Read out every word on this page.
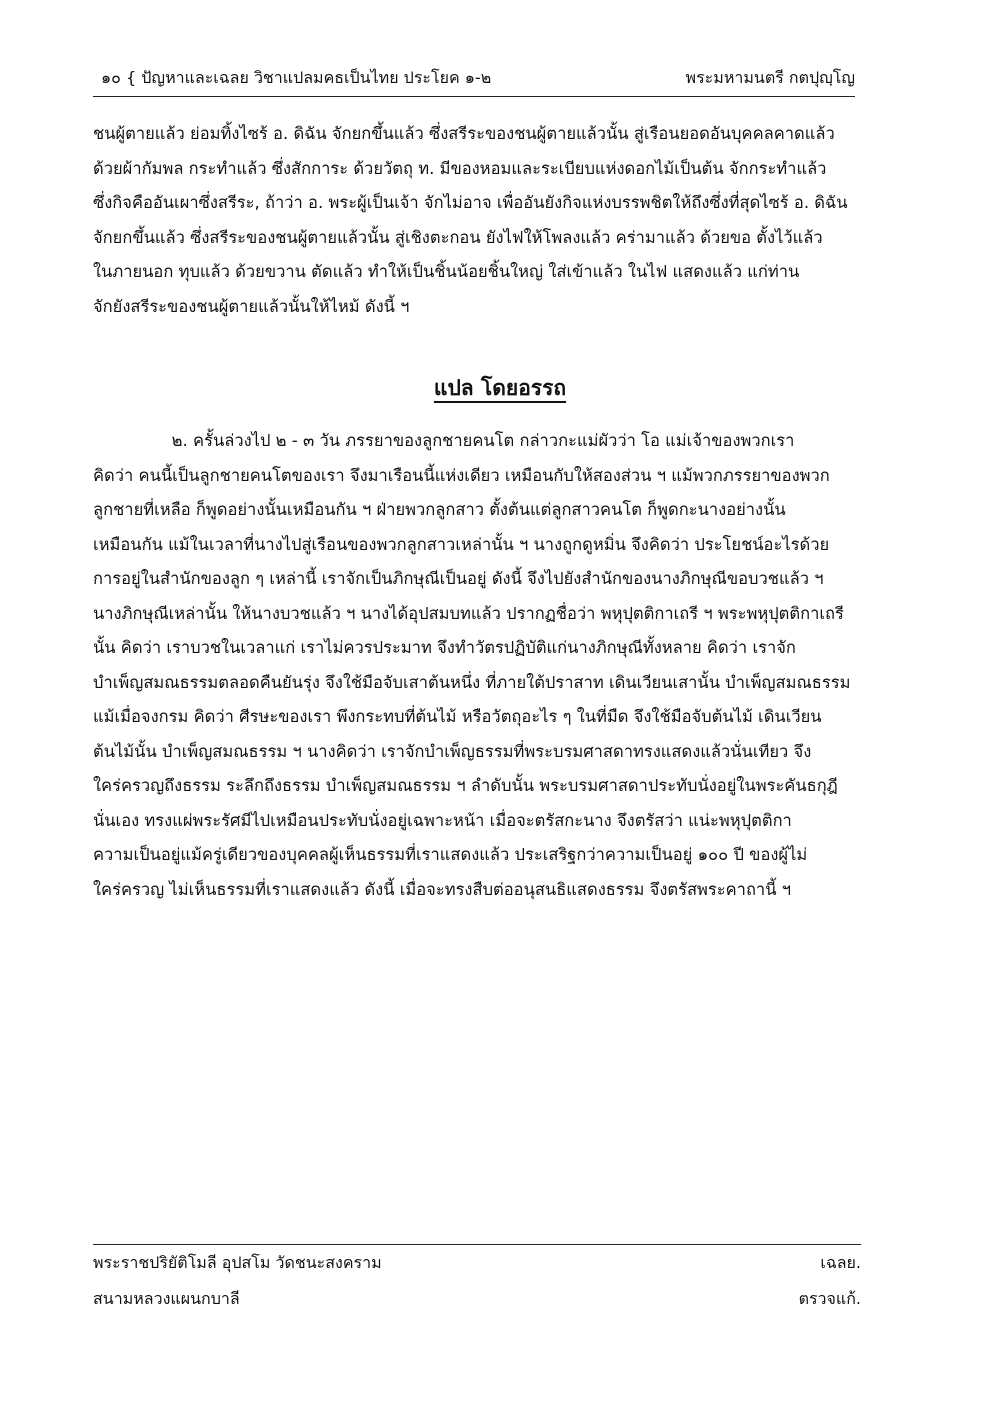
๑๐ { ปัญหาและเฉลย วิชาแปลมคธเป็นไทย ประโยค ๑-๒	พระมหามนตรี กตปุญฺโญ
ชนผู้ตายแล้ว ย่อมทิ้งไซร้ อ. ดิฉัน จักยกขึ้นแล้ว ซึ่งสรีระของชนผู้ตายแล้วนั้น สู่เรือนยอดอันบุคคลคาดแล้ว
ด้วยผ้ากัมพล กระทำแล้ว ซึ่งสักการะ ด้วยวัตถุ ท. มีของหอมและระเบียบแห่งดอกไม้เป็นต้น จักกระทำแล้ว
ซึ่งกิจคืออันเผาซึ่งสรีระ, ถ้าว่า อ. พระผู้เป็นเจ้า จักไม่อาจ เพื่ออันยังกิจแห่งบรรพชิตให้ถึงซึ่งที่สุดไซร้ อ. ดิฉัน
จักยกขึ้นแล้ว ซึ่งสรีระของชนผู้ตายแล้วนั้น สู่เชิงตะกอน ยังไฟให้โพลงแล้ว คร่ามาแล้ว ด้วยขอ ตั้งไว้แล้ว
ในภายนอก ทุบแล้ว ด้วยขวาน ตัดแล้ว ทำให้เป็นชิ้นน้อยชิ้นใหญ่ ใส่เข้าแล้ว ในไฟ แสดงแล้ว แก่ท่าน
จักยังสรีระของชนผู้ตายแล้วนั้นให้ไหม้ ดังนี้ ฯ
แปล โดยอรรถ
๒. ครั้นล่วงไป ๒ - ๓ วัน ภรรยาของลูกชายคนโต กล่าวกะแม่ผัวว่า โอ แม่เจ้าของพวกเรา
คิดว่า คนนี้เป็นลูกชายคนโตของเรา จึงมาเรือนนี้แห่งเดียว เหมือนกับให้สองส่วน ฯ แม้พวกภรรยาของพวก
ลูกชายที่เหลือ ก็พูดอย่างนั้นเหมือนกัน ฯ ฝ่ายพวกลูกสาว ตั้งต้นแต่ลูกสาวคนโต ก็พูดกะนางอย่างนั้น
เหมือนกัน แม้ในเวลาที่นางไปสู่เรือนของพวกลูกสาวเหล่านั้น ฯ นางถูกดูหมิ่น จึงคิดว่า ประโยชน์อะไรด้วย
การอยู่ในสำนักของลูก ๆ เหล่านี้ เราจักเป็นภิกษุณีเป็นอยู่ ดังนี้ จึงไปยังสำนักของนางภิกษุณีขอบวชแล้ว ฯ
นางภิกษุณีเหล่านั้น ให้นางบวชแล้ว ฯ นางได้อุปสมบทแล้ว ปรากฏชื่อว่า พหุปุตติกาเถรี ฯ พระพหุปุตติกาเถรี
นั้น คิดว่า เราบวชในเวลาแก่ เราไม่ควรประมาท จึงทำวัตรปฏิบัติแก่นางภิกษุณีทั้งหลาย คิดว่า เราจัก
บำเพ็ญสมณธรรมตลอดคืนยันรุ่ง จึงใช้มือจับเสาต้นหนึ่ง ที่ภายใต้ปราสาท เดินเวียนเสานั้น บำเพ็ญสมณธรรม
แม้เมื่อจงกรม คิดว่า ศีรษะของเรา พึงกระทบที่ต้นไม้ หรือวัตถุอะไร ๆ ในที่มืด จึงใช้มือจับต้นไม้ เดินเวียน
ต้นไม้นั้น บำเพ็ญสมณธรรม ฯ นางคิดว่า เราจักบำเพ็ญธรรมที่พระบรมศาสดาทรงแสดงแล้วนั่นเทียว จึง
ใคร่ครวญถึงธรรม ระลึกถึงธรรม บำเพ็ญสมณธรรม ฯ ลำดับนั้น พระบรมศาสดาประทับนั่งอยู่ในพระคันธกุฎี
นั่นเอง ทรงแผ่พระรัศมีไปเหมือนประทับนั่งอยู่เฉพาะหน้า เมื่อจะตรัสกะนาง จึงตรัสว่า แน่ะพหุปุตติกา
ความเป็นอยู่แม้ครู่เดียวของบุคคลผู้เห็นธรรมที่เราแสดงแล้ว ประเสริฐกว่าความเป็นอยู่ ๑๐๐ ปี ของผู้ไม่
ใคร่ครวญ ไม่เห็นธรรมที่เราแสดงแล้ว ดังนี้ เมื่อจะทรงสืบต่ออนุสนธิแสดงธรรม จึงตรัสพระคาถานี้ ฯ
พระราชปริยัติโมลี อุปสโม วัดชนะสงคราม	เฉลย.
สนามหลวงแผนกบาลี	ตรวจแก้.
